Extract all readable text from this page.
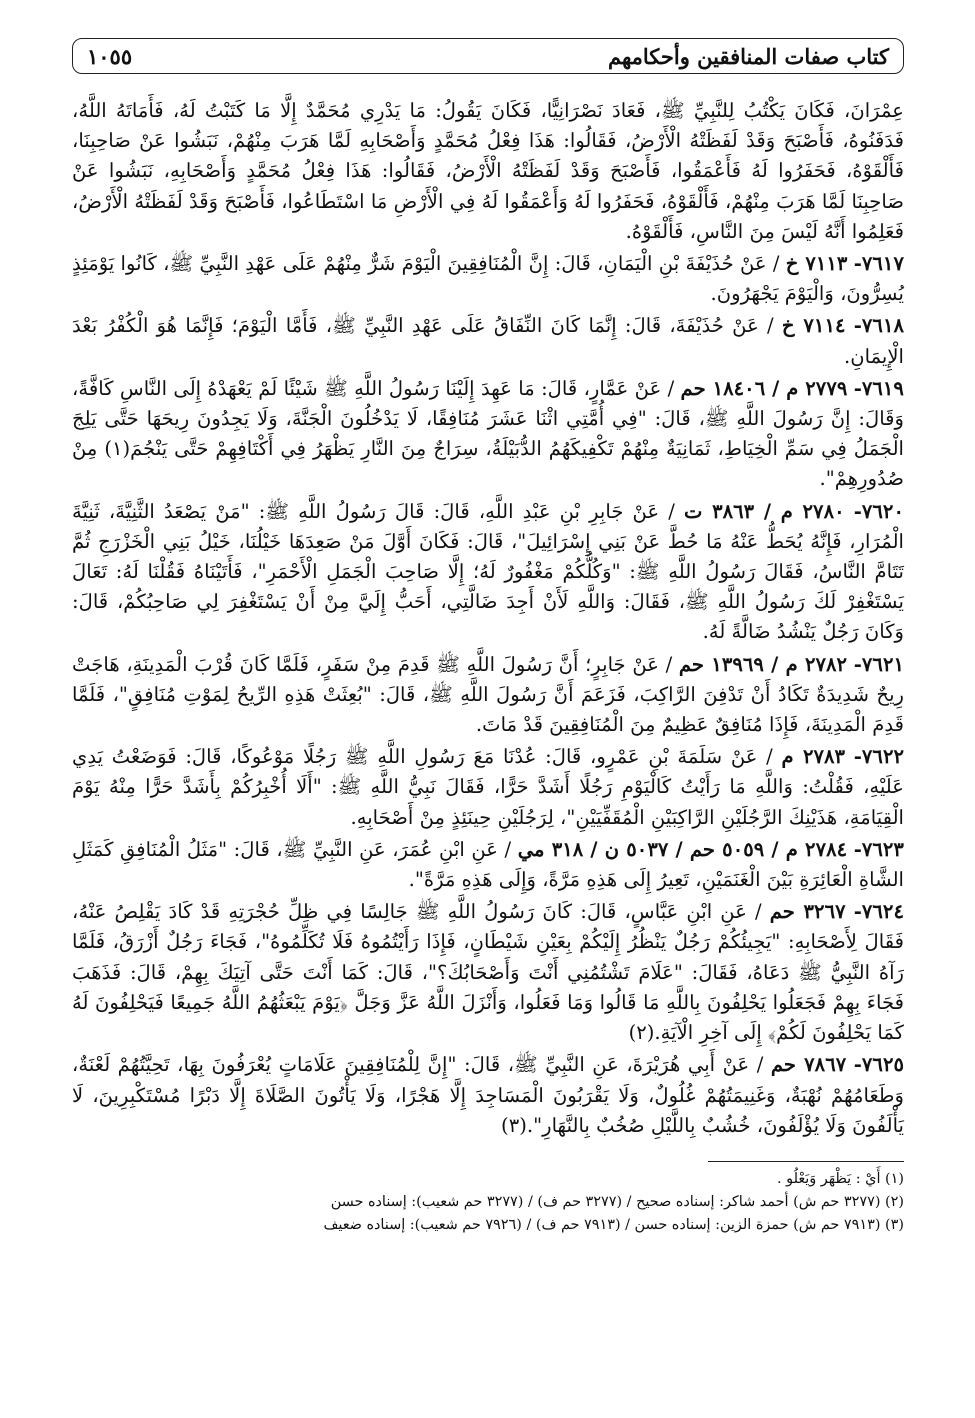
كتاب صفات المنافقين وأحكامهم
١٠٥٥

عِمْرَانَ، فَكَانَ يَكْتُبُ لِلنَّبِيِّ ﷺ، فَعَادَ نَصْرَانِيًّا، فَكَانَ يَقُولُ: مَا يَدْرِي مُحَمَّدٌ إِلَّا مَا كَتَبْتُ لَهُ، فَأَمَاتَهُ اللَّهُ، فَدَفَنُوهُ، فَأَصْبَحَ وَقَدْ لَفَظَتْهُ الْأَرْضُ، فَقَالُوا: هَذَا فِعْلُ مُحَمَّدٍ وَأَصْحَابِهِ لَمَّا هَرَبَ مِنْهُمْ، نَبَشُوا عَنْ صَاحِبِنَا، فَأَلْقَوْهُ، فَحَفَرُوا لَهُ فَأَعْمَقُوا، فَأَصْبَحَ وَقَدْ لَفَظَتْهُ الْأَرْضُ، فَقَالُوا: هَذَا فِعْلُ مُحَمَّدٍ وَأَصْحَابِهِ، نَبَشُوا عَنْ صَاحِبِنَا لَمَّا هَرَبَ مِنْهُمْ، فَأَلْقَوْهُ، فَحَفَرُوا لَهُ وَأَعْمَقُوا لَهُ فِي الْأَرْضِ مَا اسْتَطَاعُوا، فَأَصْبَحَ وَقَدْ لَفَظَتْهُ الْأَرْضُ، فَعَلِمُوا أَنَّهُ لَيْسَ مِنَ النَّاسِ، فَأَلْقَوْهُ.

٧٦١٧- ٧١١٣ خ / عَنْ حُذَيْفَةَ بْنِ الْيَمَانِ، قَالَ: إِنَّ الْمُنَافِقِينَ الْيَوْمَ شَرٌّ مِنْهُمْ عَلَى عَهْدِ النَّبِيِّ ﷺ، كَانُوا يَوْمَئِذٍ يُسِرُّونَ، وَالْيَوْمَ يَجْهَرُونَ.

٧٦١٨- ٧١١٤ خ / عَنْ حُذَيْفَةَ، قَالَ: إِنَّمَا كَانَ النِّفَاقُ عَلَى عَهْدِ النَّبِيِّ ﷺ، فَأَمَّا الْيَوْمَ؛ فَإِنَّمَا هُوَ الْكُفْرُ بَعْدَ الْإِيمَانِ.

٧٦١٩- ٢٧٧٩ م / ١٨٤٠٦ حم / عَنْ عَمَّارٍ، قَالَ: مَا عَهِدَ إِلَيْنَا رَسُولُ اللَّهِ ﷺ شَيْئًا لَمْ يَعْهَدْهُ إِلَى النَّاسِ كَافَّةً، وَقَالَ: إِنَّ رَسُولَ اللَّهِ ﷺ، قَالَ: "فِي أُمَّتِي اثْنَا عَشَرَ مُنَافِقًا، لَا يَدْخُلُونَ الْجَنَّةَ، وَلَا يَجِدُونَ رِيحَهَا حَتَّى يَلِجَ الْجَمَلُ فِي سَمِّ الْخِيَاطِ، ثَمَانِيَةٌ مِنْهُمْ تَكْفِيكَهُمُ الدُّبَيْلَةُ، سِرَاجٌ مِنَ النَّارِ يَظْهَرُ فِي أَكْتَافِهِمْ حَتَّى يَنْجُمَ(١) مِنْ صُدُورِهِمْ".

٧٦٢٠- ٢٧٨٠ م / ٣٨٦٣ ت / عَنْ جَابِرِ بْنِ عَبْدِ اللَّهِ، قَالَ: قَالَ رَسُولُ اللَّهِ ﷺ: "مَنْ يَصْعَدُ الثَّنِيَّةَ، ثَنِيَّةَ الْمُرَارِ، فَإِنَّهُ يُحَطُّ عَنْهُ مَا حُطَّ عَنْ بَنِي إِسْرَائِيلَ"، قَالَ: فَكَانَ أَوَّلَ مَنْ صَعِدَهَا خَيْلُنَا، خَيْلُ بَنِي الْخَزْرَجِ ثُمَّ تَتَامَّ النَّاسُ، فَقَالَ رَسُولُ اللَّهِ ﷺ: "وَكُلُّكُمْ مَغْفُورٌ لَهُ؛ إِلَّا صَاحِبَ الْجَمَلِ الْأَحْمَرِ"، فَأَتَيْنَاهُ فَقُلْنَا لَهُ: تَعَالَ يَسْتَغْفِرْ لَكَ رَسُولُ اللَّهِ ﷺ، فَقَالَ: وَاللَّهِ لَأَنْ أَجِدَ ضَالَّتِي، أَحَبُّ إِلَيَّ مِنْ أَنْ يَسْتَغْفِرَ لِي صَاحِبُكُمْ، قَالَ: وَكَانَ رَجُلٌ يَنْشُدُ ضَالَّةً لَهُ.

٧٦٢١- ٢٧٨٢ م / ١٣٩٦٩ حم / عَنْ جَابِرٍ؛ أَنَّ رَسُولَ اللَّهِ ﷺ قَدِمَ مِنْ سَفَرٍ، فَلَمَّا كَانَ قُرْبَ الْمَدِينَةِ، هَاجَتْ رِيحٌ شَدِيدَةٌ تَكَادُ أَنْ تَدْفِنَ الرَّاكِبَ، فَزَعَمَ أَنَّ رَسُولَ اللَّهِ ﷺ، قَالَ: "بُعِثَتْ هَذِهِ الرِّيحُ لِمَوْتِ مُنَافِقٍ"، فَلَمَّا قَدِمَ الْمَدِينَةَ، فَإِذَا مُنَافِقٌ عَظِيمٌ مِنَ الْمُنَافِقِينَ قَدْ مَاتَ.

٧٦٢٢- ٢٧٨٣ م / عَنْ سَلَمَةَ بْنِ عَمْرٍو، قَالَ: عُدْنَا مَعَ رَسُولِ اللَّهِ ﷺ رَجُلًا مَوْعُوكًا، قَالَ: فَوَضَعْتُ يَدِي عَلَيْهِ، فَقُلْتُ: وَاللَّهِ مَا رَأَيْتُ كَالْيَوْمِ رَجُلًا أَشَدَّ حَرًّا، فَقَالَ نَبِيُّ اللَّهِ ﷺ: "أَلَا أُخْبِرُكُمْ بِأَشَدَّ حَرًّا مِنْهُ يَوْمَ الْقِيَامَةِ، هَذَيْنِكَ الرَّجُلَيْنِ الرَّاكِبَيْنِ الْمُقَفِّيَيْنِ"، لِرَجُلَيْنِ حِينَئِذٍ مِنْ أَصْحَابِهِ.

٧٦٢٣- ٢٧٨٤ م / ٥٠٥٩ حم / ٥٠٣٧ ن / ٣١٨ مي / عَنِ ابْنِ عُمَرَ، عَنِ النَّبِيِّ ﷺ، قَالَ: "مَثَلُ الْمُنَافِقِ كَمَثَلِ الشَّاةِ الْعَائِرَةِ بَيْنَ الْغَنَمَيْنِ، تَعِيرُ إِلَى هَذِهِ مَرَّةً، وَإِلَى هَذِهِ مَرَّةً".

٧٦٢٤- ٣٢٦٧ حم / عَنِ ابْنِ عَبَّاسٍ، قَالَ: كَانَ رَسُولُ اللَّهِ ﷺ جَالِسًا فِي ظِلِّ حُجْرَتِهِ قَدْ كَادَ يَقْلِصُ عَنْهُ، فَقَالَ لِأَصْحَابِهِ: "يَجِيئُكُمْ رَجُلٌ يَنْظُرُ إِلَيْكُمْ بِعَيْنِ شَيْطَانٍ، فَإِذَا رَأَيْتُمُوهُ فَلَا تُكَلِّمُوهُ"، فَجَاءَ رَجُلٌ أَزْرَقُ، فَلَمَّا رَآهُ النَّبِيُّ ﷺ دَعَاهُ، فَقَالَ: "عَلَامَ تَشْتُمُنِي أَنْتَ وَأَصْحَابُكَ؟"، قَالَ: كَمَا أَنْتَ حَتَّى آتِيَكَ بِهِمْ، قَالَ: فَذَهَبَ فَجَاءَ بِهِمْ فَجَعَلُوا يَحْلِفُونَ بِاللَّهِ مَا قَالُوا وَمَا فَعَلُوا، وَأَنْزَلَ اللَّهُ عَزَّ وَجَلَّ ﴿يَوْمَ يَبْعَثُهُمُ اللَّهُ جَمِيعًا فَيَحْلِفُونَ لَهُ كَمَا يَحْلِفُونَ لَكُمْ﴾ إِلَى آخِرِ الْآيَةِ.(٢)

٧٦٢٥- ٧٨٦٧ حم / عَنْ أَبِي هُرَيْرَةَ، عَنِ النَّبِيِّ ﷺ، قَالَ: "إِنَّ لِلْمُنَافِقِينَ عَلَامَاتٍ يُعْرَفُونَ بِهَا، تَحِيَّتُهُمْ لَعْنَةٌ، وَطَعَامُهُمْ نُهْبَةٌ، وَغَنِيمَتُهُمْ غُلُولٌ، وَلَا يَقْرَبُونَ الْمَسَاجِدَ إِلَّا هَجْرًا، وَلَا يَأْتُونَ الصَّلَاةَ إِلَّا دَبْرًا مُسْتَكْبِرِينَ، لَا يَأْلَفُونَ وَلَا يُؤْلَفُونَ، خُشُبٌ بِاللَّيْلِ صُخُبٌ بِالنَّهَارِ".(٣)

(١) أَيْ : يَظْهَر وَيَعْلُو .

(٢) (٣٢٧٧ حم ش) أحمد شاكر: إسناده صحيح / (٣٢٧٧ حم ف) / (٣٢٧٧ حم شعيب): إسناده حسن

(٣) (٧٩١٣ حم ش) حمزة الزين: إسناده حسن / (٧٩١٣ حم ف) / (٧٩٢٦ حم شعيب): إسناده ضعيف
